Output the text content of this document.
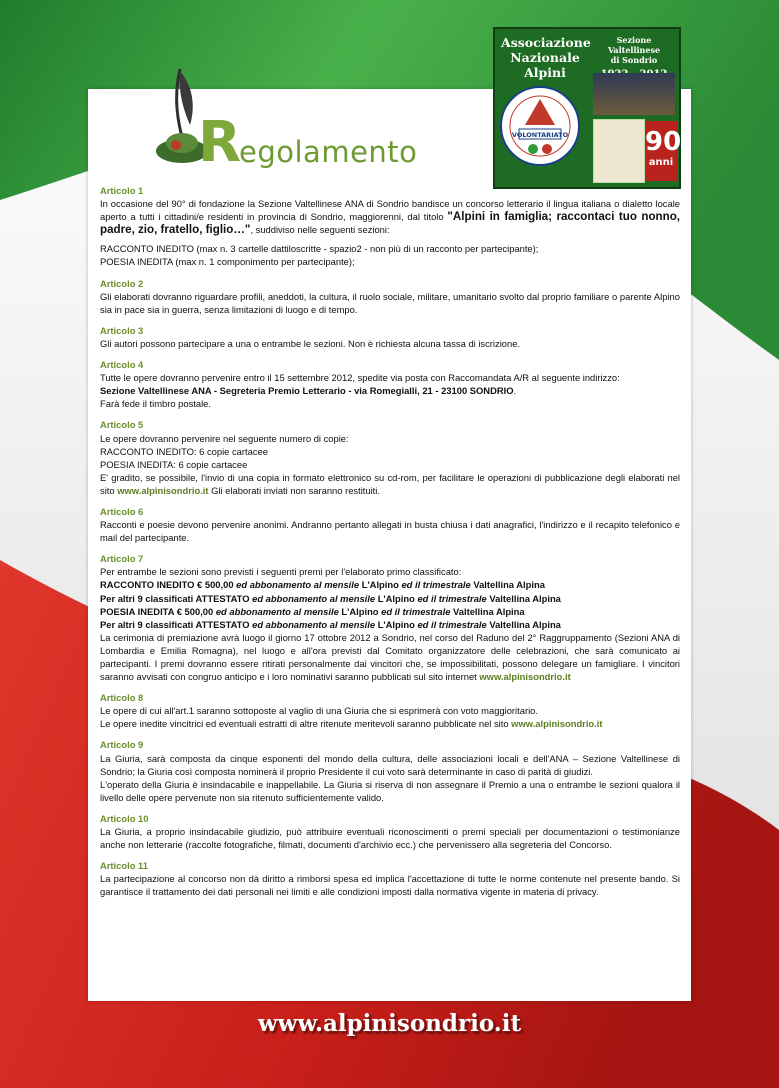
R
egolamento
Associazione
Nazionale
Alpini
VOLONTARIATO
Sezione Valtellinese
di Sondrio
90
anni
Articolo 1
In occasione del 90° di fondazione la Sezione Valtellinese ANA di Sondrio bandisce un concorso letterario il lingua italiana o dialetto locale aperto a tutti i cittadini/e residenti in provincia di Sondrio, maggiorenni, dal titolo "Alpini in famiglia; raccontaci tuo nonno, padre, zio, fratello, figlio…", suddiviso nelle seguenti sezioni:
RACCONTO INEDITO (max n. 3 cartelle dattiloscritte - spazio2 - non più di un racconto per partecipante);
POESIA INEDITA (max n. 1 componimento per partecipante);
Articolo 2
Gli elaborati dovranno riguardare profili, aneddoti, la cultura, il ruolo sociale, militare, umanitario svolto dal proprio familiare o parente Alpino sia in pace sia in guerra, senza limitazioni di luogo e di tempo.
Articolo 3
Gli autori possono partecipare a una o entrambe le sezioni. Non è richiesta alcuna tassa di iscrizione.
Articolo 4
Tutte le opere dovranno pervenire entro il 15 settembre 2012, spedite via posta con Raccomandata A/R al seguente indirizzo:
Sezione Valtellinese ANA - Segreteria Premio Letterario - via Romegialli, 21 - 23100 SONDRIO.
Farà fede il timbro postale.
Articolo 5
Le opere dovranno pervenire nel seguente numero di copie:
RACCONTO INEDITO: 6 copie cartacee
POESIA INEDITA: 6 copie cartacee
E' gradito, se possibile, l'invio di una copia in formato elettronico su cd-rom, per facilitare le operazioni di pubblicazione degli elaborati nel sito www.alpinisondrio.it Gli elaborati inviati non saranno restituiti.
Articolo 6
Racconti e poesie devono pervenire anonimi. Andranno pertanto allegati in busta chiusa i dati anagrafici, l'indirizzo e il recapito telefonico e mail del partecipante.
Articolo 7
Per entrambe le sezioni sono previsti i seguenti premi per l'elaborato primo classificato:
RACCONTO INEDITO € 500,00 ed abbonamento al mensile L'Alpino ed il trimestrale Valtellina Alpina
Per altri 9 classificati ATTESTATO ed abbonamento al mensile L'Alpino ed il trimestrale Valtellina Alpina
POESIA INEDITA € 500,00 ed abbonamento al mensile L'Alpino ed il trimestrale Valtellina Alpina
Per altri 9 classificati ATTESTATO ed abbonamento al mensile L'Alpino ed il trimestrale Valtellina Alpina
La cerimonia di premiazione avrà luogo il giorno 17 ottobre 2012 a Sondrio, nel corso del Raduno del 2° Raggruppamento (Sezioni ANA di Lombardia e Emilia Romagna), nel luogo e all'ora previsti dal Comitato organizzatore delle celebrazioni, che sarà comunicato ai partecipanti. I premi dovranno essere ritirati personalmente dai vincitori che, se impossibilitati, possono delegare un famigliare. I vincitori saranno avvisati con congruo anticipo e i loro nominativi saranno pubblicati sul sito internet www.alpinisondrio.it
Articolo 8
Le opere di cui all'art.1 saranno sottoposte al vaglio di una Giuria che si esprimerà con voto maggioritario.
Le opere inedite vincitrici ed eventuali estratti di altre ritenute meritevoli saranno pubblicate nel sito www.alpinisondrio.it
Articolo 9
La Giuria, sarà composta da cinque esponenti del mondo della cultura, delle associazioni locali e dell'ANA – Sezione Valtellinese di Sondrio; la Giuria così composta nominerà il proprio Presidente il cui voto sarà determinante in caso di parità di giudizi.
L'operato della Giuria è insindacabile e inappellabile. La Giuria si riserva di non assegnare il Premio a una o entrambe le sezioni qualora il livello delle opere pervenute non sia ritenuto sufficientemente valido.
Articolo 10
La Giuria, a proprio insindacabile giudizio, può attribuire eventuali riconoscimenti o premi speciali per documentazioni o testimonianze anche non letterarie (raccolte fotografiche, filmati, documenti d'archivio ecc.) che pervenissero alla segreteria del Concorso.
Articolo 11
La partecipazione al concorso non dà diritto a rimborsi spesa ed implica l'accettazione di tutte le norme contenute nel presente bando. Si garantisce il trattamento dei dati personali nei limiti e alle condizioni imposti dalla normativa vigente in materia di privacy.
www.alpinisondrio.it
